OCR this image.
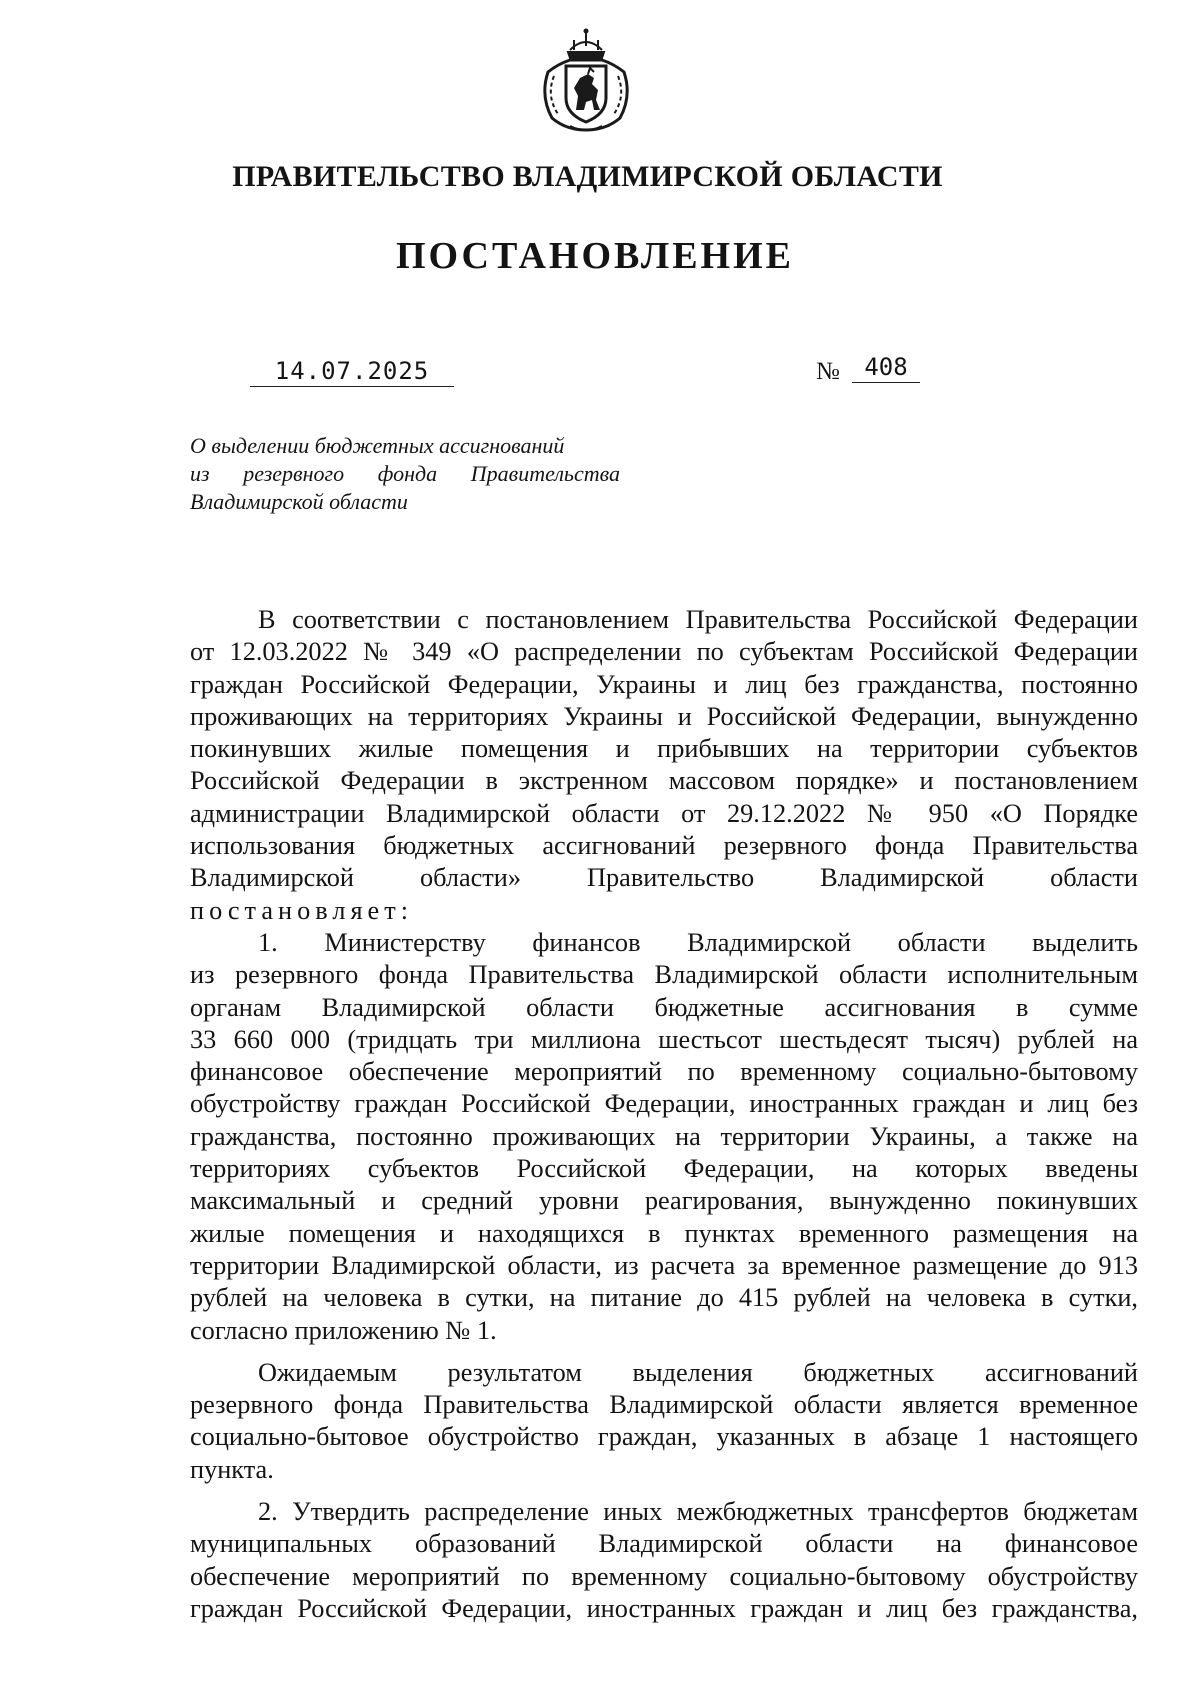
ПРАВИТЕЛЬСТВО ВЛАДИМИРСКОЙ ОБЛАСТИ
ПОСТАНОВЛЕНИЕ
14.07.2025	№	408
О выделении бюджетных ассигнований
из резервного фонда Правительства
Владимирской области

В соответствии с постановлением Правительства Российской Федерации
от 12.03.2022 № 349 «О распределении по субъектам Российской Федерации
граждан Российской Федерации, Украины и лиц без гражданства, постоянно
проживающих на территориях Украины и Российской Федерации, вынужденно
покинувших жилые помещения и прибывших на территории субъектов
Российской Федерации в экстренном массовом порядке» и постановлением
администрации Владимирской области от 29.12.2022 № 950 «О Порядке
использования бюджетных ассигнований резервного фонда Правительства
Владимирской области» Правительство Владимирской области
постановляет:

1. Министерству финансов Владимирской области выделить
из резервного фонда Правительства Владимирской области исполнительным
органам Владимирской области бюджетные ассигнования в сумме
33 660 000 (тридцать три миллиона шестьсот шестьдесят тысяч) рублей на
финансовое обеспечение мероприятий по временному социально-бытовому
обустройству граждан Российской Федерации, иностранных граждан и лиц без
гражданства, постоянно проживающих на территории Украины, а также на
территориях субъектов Российской Федерации, на которых введены
максимальный и средний уровни реагирования, вынужденно покинувших
жилые помещения и находящихся в пунктах временного размещения на
территории Владимирской области, из расчета за временное размещение до 913
рублей на человека в сутки, на питание до 415 рублей на человека в сутки,
согласно приложению № 1.

Ожидаемым результатом выделения бюджетных ассигнований
резервного фонда Правительства Владимирской области является временное
социально-бытовое обустройство граждан, указанных в абзаце 1 настоящего
пункта.

2. Утвердить распределение иных межбюджетных трансфертов бюджетам
муниципальных образований Владимирской области на финансовое
обеспечение мероприятий по временному социально-бытовому обустройству
граждан Российской Федерации, иностранных граждан и лиц без гражданства,
